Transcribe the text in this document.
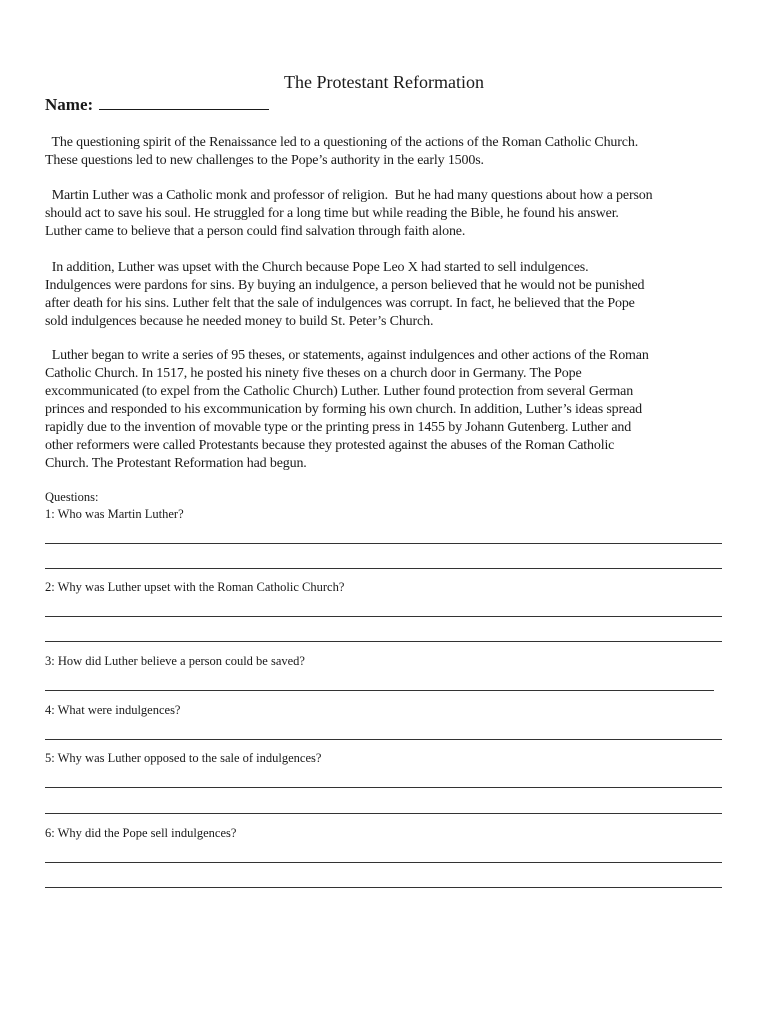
The Protestant Reformation
Name:

The questioning spirit of the Renaissance led to a questioning of the actions of the Roman Catholic Church.
These questions led to new challenges to the Pope’s authority in the early 1500s.

Martin Luther was a Catholic monk and professor of religion.  But he had many questions about how a person
should act to save his soul. He struggled for a long time but while reading the Bible, he found his answer.
Luther came to believe that a person could find salvation through faith alone.

In addition, Luther was upset with the Church because Pope Leo X had started to sell indulgences.
Indulgences were pardons for sins. By buying an indulgence, a person believed that he would not be punished
after death for his sins. Luther felt that the sale of indulgences was corrupt. In fact, he believed that the Pope
sold indulgences because he needed money to build St. Peter’s Church.

Luther began to write a series of 95 theses, or statements, against indulgences and other actions of the Roman
Catholic Church. In 1517, he posted his ninety five theses on a church door in Germany. The Pope
excommunicated (to expel from the Catholic Church) Luther. Luther found protection from several German
princes and responded to his excommunication by forming his own church. In addition, Luther’s ideas spread
rapidly due to the invention of movable type or the printing press in 1455 by Johann Gutenberg. Luther and
other reformers were called Protestants because they protested against the abuses of the Roman Catholic
Church. The Protestant Reformation had begun.

Questions:
1: Who was Martin Luther?
2: Why was Luther upset with the Roman Catholic Church?
3: How did Luther believe a person could be saved?
4: What were indulgences?
5: Why was Luther opposed to the sale of indulgences?
6: Why did the Pope sell indulgences?
